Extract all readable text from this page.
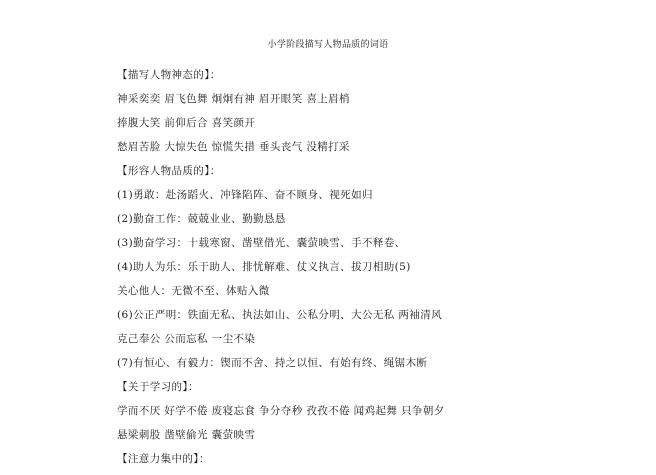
小学阶段描写人物品质的词语
【描写人物神态的】：
神采奕奕 眉飞色舞 炯炯有神 眉开眼笑 喜上眉梢
捧腹大笑 前仰后合 喜笑颜开
愁眉苦脸 大惊失色 惊慌失措 垂头丧气 没精打采
【形容人物品质的】：
(1)勇敢：赴汤蹈火、冲锋陷阵、奋不顾身、视死如归
(2)勤奋工作：兢兢业业、勤勤恳恳
(3)勤奋学习：十载寒窗、凿壁借光、囊萤映雪、手不释卷、
(4)助人为乐：乐于助人、排忧解难、仗义执言、拔刀相助(5)
关心他人：无微不至、体贴入微
(6)公正严明：铁面无私、执法如山、公私分明、大公无私 两袖清风
克己奉公 公而忘私 一尘不染
(7)有恒心、有毅力：锲而不舍、持之以恒、有始有终、绳锯木断
【关于学习的】：
学而不厌 好学不倦 废寝忘食 争分夺秒 孜孜不倦 闻鸡起舞 只争朝夕
悬梁刺股 凿壁偷光 囊萤映雪
【注意力集中的】：
